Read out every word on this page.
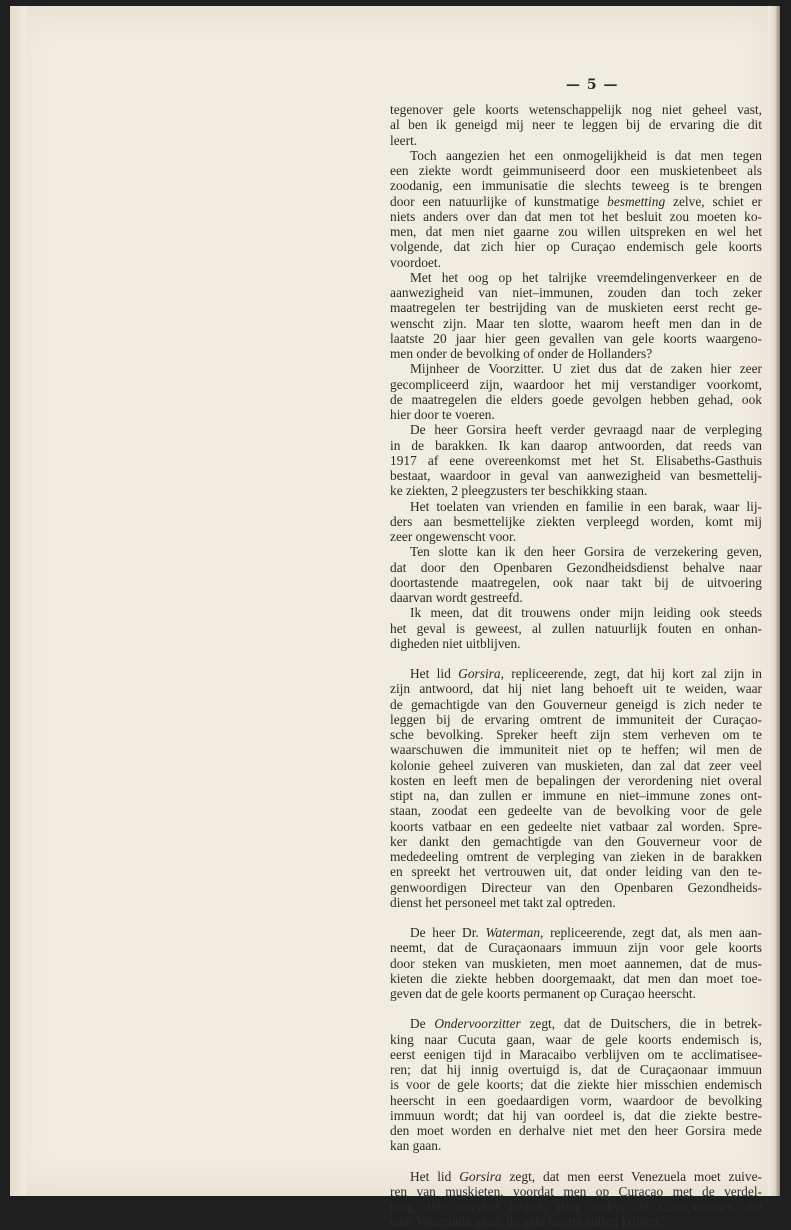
— 5 —
tegenover gele koorts wetenschappelijk nog niet geheel vast,
al ben ik geneigd mij neer te leggen bij de ervaring die dit
leert.
Toch aangezien het een onmogelijkheid is dat men tegen
een ziekte wordt geimmuniseerd door een muskietenbeet als
zoodanig, een immunisatie die slechts teweeg is te brengen
door een natuurlijke of kunstmatige besmetting zelve, schiet er
niets anders over dan dat men tot het besluit zou moeten ko-
men, dat men niet gaarne zou willen uitspreken en wel het
volgende, dat zich hier op Curaçao endemisch gele koorts
voordoet.
Met het oog op het talrijke vreemdelingenverkeer en de
aanwezigheid van niet–immunen, zouden dan toch zeker
maatregelen ter bestrijding van de muskieten eerst recht ge-
wenscht zijn. Maar ten slotte, waarom heeft men dan in de
laatste 20 jaar hier geen gevallen van gele koorts waargeno-
men onder de bevolking of onder de Hollanders?
Mijnheer de Voorzitter. U ziet dus dat de zaken hier zeer
gecompliceerd zijn, waardoor het mij verstandiger voorkomt,
de maatregelen die elders goede gevolgen hebben gehad, ook
hier door te voeren.
De heer Gorsira heeft verder gevraagd naar de verpleging
in de barakken. Ik kan daarop antwoorden, dat reeds van
1917 af eene overeenkomst met het St. Elisabeths-Gasthuis
bestaat, waardoor in geval van aanwezigheid van besmettelij-
ke ziekten, 2 pleegzusters ter beschikking staan.
Het toelaten van vrienden en familie in een barak, waar lij-
ders aan besmettelijke ziekten verpleegd worden, komt mij
zeer ongewenscht voor.
Ten slotte kan ik den heer Gorsira de verzekering geven,
dat door den Openbaren Gezondheidsdienst behalve naar
doortastende maatregelen, ook naar takt bij de uitvoering
daarvan wordt gestreefd.
Ik meen, dat dit trouwens onder mijn leiding ook steeds
het geval is geweest, al zullen natuurlijk fouten en onhan-
digheden niet uitblijven.
Het lid Gorsira, repliceerende, zegt, dat hij kort zal zijn in
zijn antwoord, dat hij niet lang behoeft uit te weiden, waar
de gemachtigde van den Gouverneur geneigd is zich neder te
leggen bij de ervaring omtrent de immuniteit der Curaçao-
sche bevolking. Spreker heeft zijn stem verheven om te
waarschuwen die immuniteit niet op te heffen; wil men de
kolonie geheel zuiveren van muskieten, dan zal dat zeer veel
kosten en leeft men de bepalingen der verordening niet overal
stipt na, dan zullen er immune en niet–immune zones ont-
staan, zoodat een gedeelte van de bevolking voor de gele
koorts vatbaar en een gedeelte niet vatbaar zal worden. Spre-
ker dankt den gemachtigde van den Gouverneur voor de
mededeeling omtrent de verpleging van zieken in de barakken
en spreekt het vertrouwen uit, dat onder leiding van den te-
genwoordigen Directeur van den Openbaren Gezondheids-
dienst het personeel met takt zal optreden.
De heer Dr. Waterman, repliceerende, zegt dat, als men aan-
neemt, dat de Curaçaonaars immuun zijn voor gele koorts
door steken van muskieten, men moet aannemen, dat de mus-
kieten die ziekte hebben doorgemaakt, dat men dan moet toe-
geven dat de gele koorts permanent op Curaçao heerscht.
De Ondervoorzitter zegt, dat de Duitschers, die in betrek-
king naar Cucuta gaan, waar de gele koorts endemisch is,
eerst eenigen tijd in Maracaibo verblijven om te acclimatisee-
ren; dat hij innig overtuigd is, dat de Curaçaonaar immuun
is voor de gele koorts; dat die ziekte hier misschien endemisch
heerscht in een goedaardigen vorm, waardoor de bevolking
immuun wordt; dat hij van oordeel is, dat die ziekte bestre-
den moet worden en derhalve niet met den heer Gorsira mede
kan gaan.
Het lid Gorsira zegt, dat men eerst Venezuela moet zuive-
ren van muskieten, voordat men op Curaçao met de verdel-
ging dier insecten begint, daar anders de Curaçaonaars, die
naar Venezuela gaan, de gele koorts zullen krijgen.
